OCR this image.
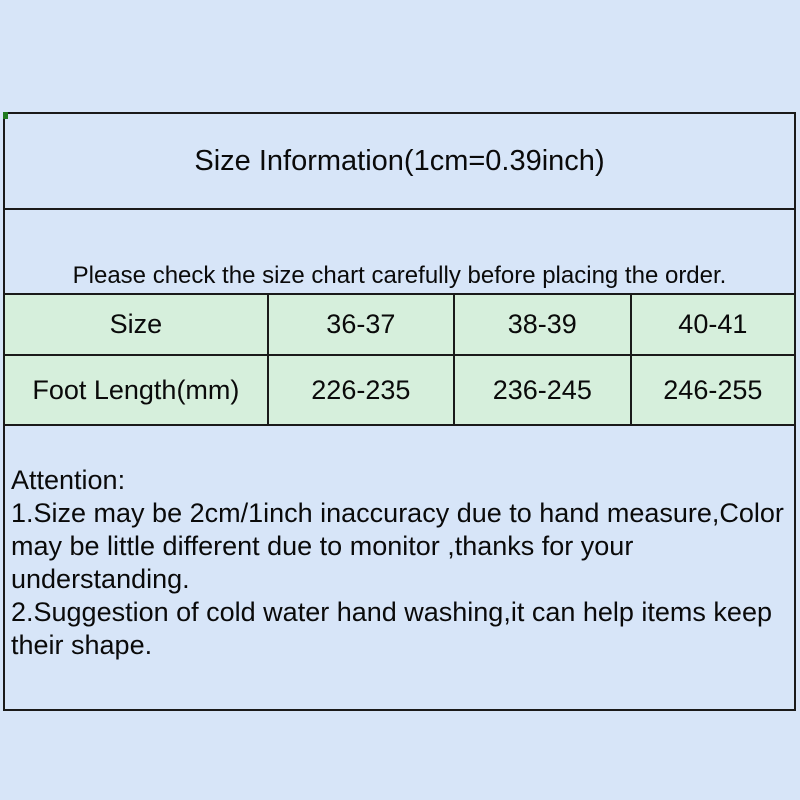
Size Information(1cm=0.39inch)
Please check the size chart carefully before placing the order.
Size	36-37	38-39	40-41
Foot Length(mm)	226-235	236-245	246-255
Attention:
1.Size may be 2cm/1inch inaccuracy due to hand measure,Color
may be little different due to monitor ,thanks for your
understanding.
2.Suggestion of cold water hand washing,it can help items keep
their shape.
